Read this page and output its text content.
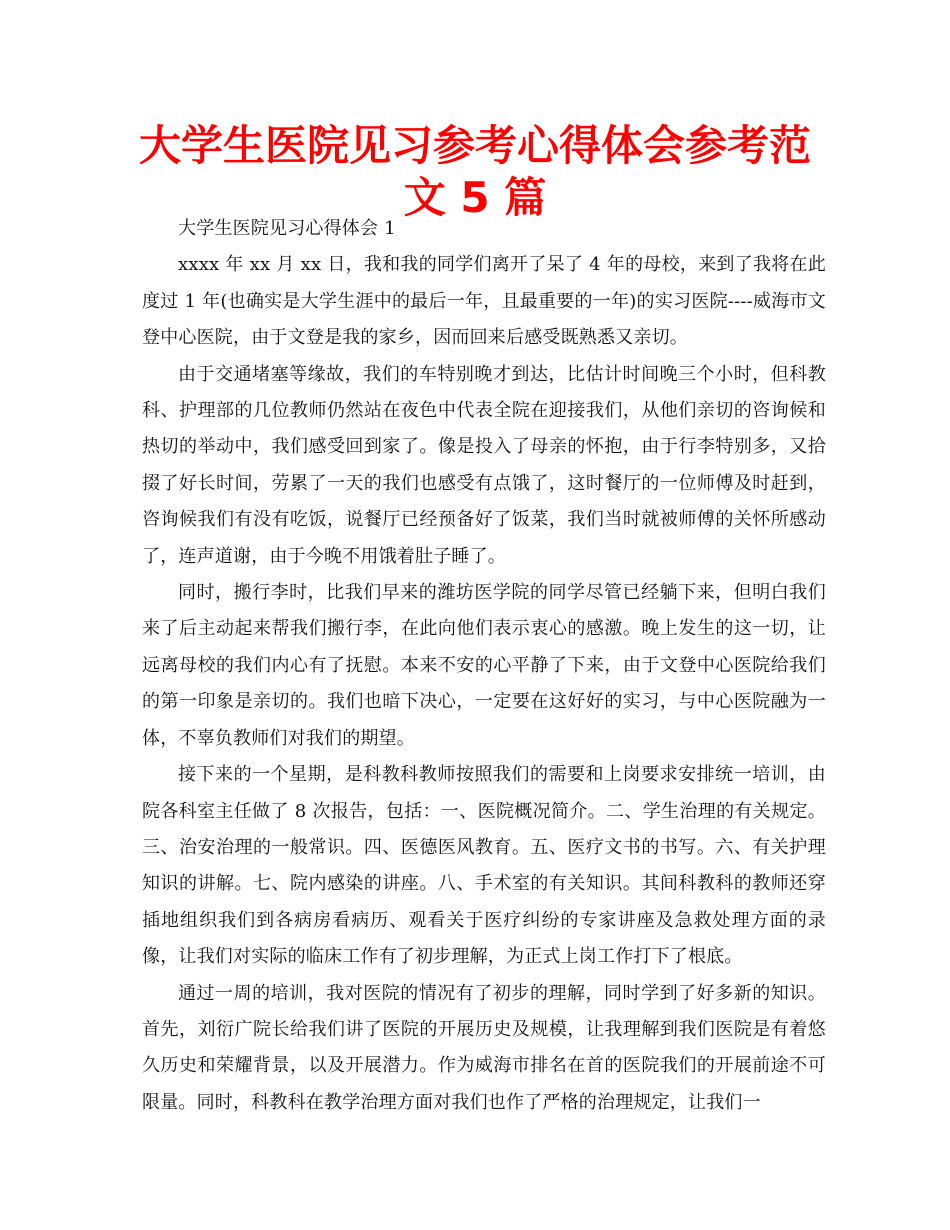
大学生医院见习参考心得体会参考范文 5 篇

大学生医院见习心得体会 1

xxxx 年 xx 月 xx 日，我和我的同学们离开了呆了 4 年的母校，来到了我将在此度过 1 年(也确实是大学生涯中的最后一年，且最重要的一年)的实习医院----威海市文登中心医院，由于文登是我的家乡，因而回来后感受既熟悉又亲切。

由于交通堵塞等缘故，我们的车特别晚才到达，比估计时间晚三个小时，但科教科、护理部的几位教师仍然站在夜色中代表全院在迎接我们，从他们亲切的咨询候和热切的举动中，我们感受回到家了。像是投入了母亲的怀抱，由于行李特别多，又拾掇了好长时间，劳累了一天的我们也感受有点饿了，这时餐厅的一位师傅及时赶到，咨询候我们有没有吃饭，说餐厅已经预备好了饭菜，我们当时就被师傅的关怀所感动了，连声道谢，由于今晚不用饿着肚子睡了。

同时，搬行李时，比我们早来的潍坊医学院的同学尽管已经躺下来，但明白我们来了后主动起来帮我们搬行李，在此向他们表示衷心的感激。晚上发生的这一切，让远离母校的我们内心有了抚慰。本来不安的心平静了下来，由于文登中心医院给我们的第一印象是亲切的。我们也暗下决心，一定要在这好好的实习，与中心医院融为一体，不辜负教师们对我们的期望。

接下来的一个星期，是科教科教师按照我们的需要和上岗要求安排统一培训，由院各科室主任做了 8 次报告，包括：一、医院概况简介。二、学生治理的有关规定。三、治安治理的一般常识。四、医德医风教育。五、医疗文书的书写。六、有关护理知识的讲解。七、院内感染的讲座。八、手术室的有关知识。其间科教科的教师还穿插地组织我们到各病房看病历、观看关于医疗纠纷的专家讲座及急救处理方面的录像，让我们对实际的临床工作有了初步理解，为正式上岗工作打下了根底。

通过一周的培训，我对医院的情况有了初步的理解，同时学到了好多新的知识。首先，刘衍广院长给我们讲了医院的开展历史及规模，让我理解到我们医院是有着悠久历史和荣耀背景，以及开展潜力。作为威海市排名在首的医院我们的开展前途不可限量。同时，科教科在教学治理方面对我们也作了严格的治理规定，让我们一
